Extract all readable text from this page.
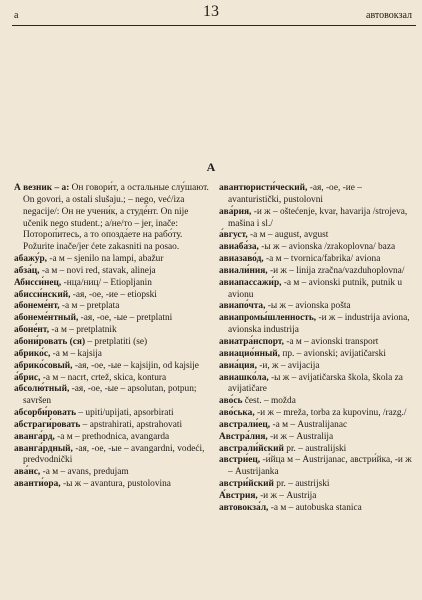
а	13	автовокзал
А

А везник – а: Он говори́т, а остальные слу́шают. On govori, a ostali slušaju.; – nego, već/iza negacije/: Он не учени́к, а студе́нт. On nije učenik nego student.; а/не/то – jer, inače: Потороп́итесь, а то опозда́ете на рабо́ту. Požurite inače/jer ćete zakasniti na posao.

абажу́р, -а м – sjenilo na lampi, abažur

абза́ц, -а м – novi red, stavak, alineja

Абисси́нец, -нца/ниц/ – Etiopljanin

абисси́нский, -ая, -ое, -ие – etiopski

абонеме́нт, -а м – pretplata

абонеме́нтный, -ая, -ое, -ые – pretplatni

абоне́нт, -а м – pretplatnik

абони́ровать (ся) – pretplatiti (se)

абрико́с, -а м – kajsija

абрико́совый, -ая, -ое, -ые – kajsijin, od kajsije

а́брис, -а м – nacrt, crtež, skica, kontura

абсолю́тный, -ая, -ое, -ые – apsolutan, potpun; savršen

абсорби́ровать – upiti/upijati, apsorbirati

абстраги́ровать – apstrahirati, apstrahovati

аванга́рд, -а м – prethodnica, avangarda

аванга́рдный, -ая, -ое, -ые – avangardni, vodeći, predvodnički

ава́нс, -а м – avans, predujam

аванти́ора, -ы ж – avantura, pustolovina

авантюристи́ческий, -ая, -ое, -ие – avanturistički, pustolovni

ава́рия, -и ж – oštećenje, kvar, havarija /strojeva, mašina i sl./

а́вгуст, -а м – august, avgust

авиаба́за, -ы ж – avionska /zrakoplovna/ baza

авиазаво́д, -а м – tvornica/fabrika/ aviona

авиали́ния, -и ж – linija zračna/vazduhoplovna/

авиапассажи́р, -а м – avionski putnik, putnik u avionu

авиапо́чта, -ы ж – avionska pošta

авиапромы́шленность, -и ж – industrija aviona, avionska industrija

авиатра́нспорт, -а м – avionski transport

авиацио́нный, пр. – avionski; avijatičarski

авиа́ция, -и, ж – avijacija

авиашко́ла, -ы ж – avijatičarska škola, škola za avijatičare

аво́сь čest. – možda

аво́ська, -и ж – mreža, torba za kupovinu, /razg./

австрали́ец, -а м – Australijanac

Австра́лия, -и ж – Australija

австрали́йский pr. – australijski

австри́ец, -и́йца м – Austrijanac, австри́йка, -и ж – Austrijanka

австри́йский pr. – austrijski

А́встрия, -и ж – Austrija

автовокза́л, -а м – autobuska stanica
